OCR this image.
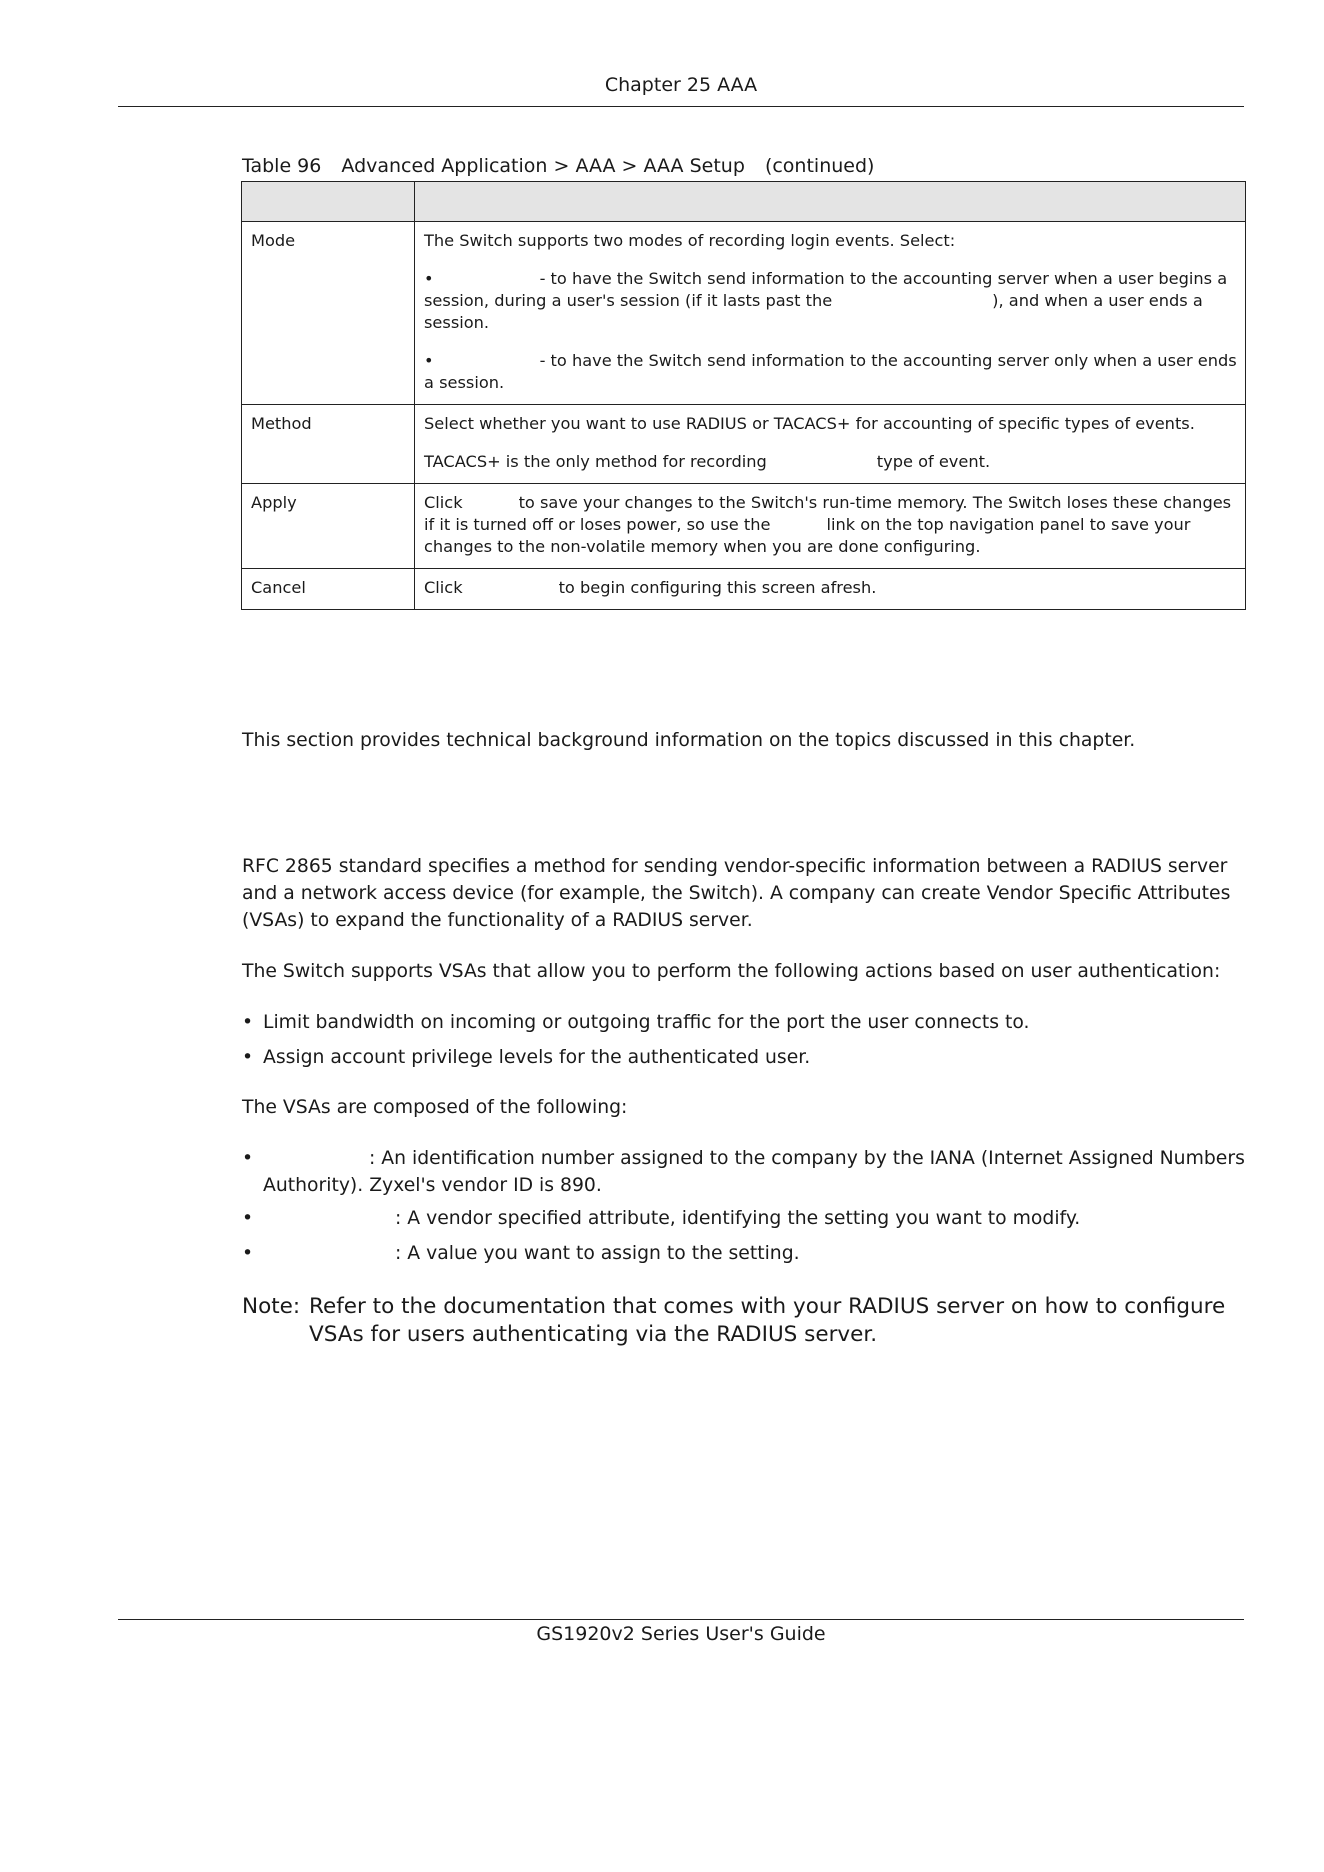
Chapter 25 AAA
Table 96 Advanced Application > AAA > AAA Setup (continued)

Mode	The Switch supports two modes of recording login events. Select:
• - to have the Switch send information to the accounting server when a user begins a session, during a user's session (if it lasts past the ), and when a user ends a session.
• - to have the Switch send information to the accounting server only when a user ends a session.

Method	Select whether you want to use RADIUS or TACACS+ for accounting of specific types of events.
TACACS+ is the only method for recording type of event.

Apply	Click to save your changes to the Switch's run-time memory. The Switch loses these changes if it is turned off or loses power, so use the link on the top navigation panel to save your changes to the non-volatile memory when you are done configuring.

Cancel	Click to begin configuring this screen afresh.
This section provides technical background information on the topics discussed in this chapter.
RFC 2865 standard specifies a method for sending vendor-specific information between a RADIUS server and a network access device (for example, the Switch). A company can create Vendor Specific Attributes (VSAs) to expand the functionality of a RADIUS server.
The Switch supports VSAs that allow you to perform the following actions based on user authentication:
• Limit bandwidth on incoming or outgoing traffic for the port the user connects to.
• Assign account privilege levels for the authenticated user.
The VSAs are composed of the following:
•	: An identification number assigned to the company by the IANA (Internet Assigned Numbers Authority). Zyxel's vendor ID is 890.
•	: A vendor specified attribute, identifying the setting you want to modify.
•	: A value you want to assign to the setting.
Note: Refer to the documentation that comes with your RADIUS server on how to configure VSAs for users authenticating via the RADIUS server.
GS1920v2 Series User's Guide
